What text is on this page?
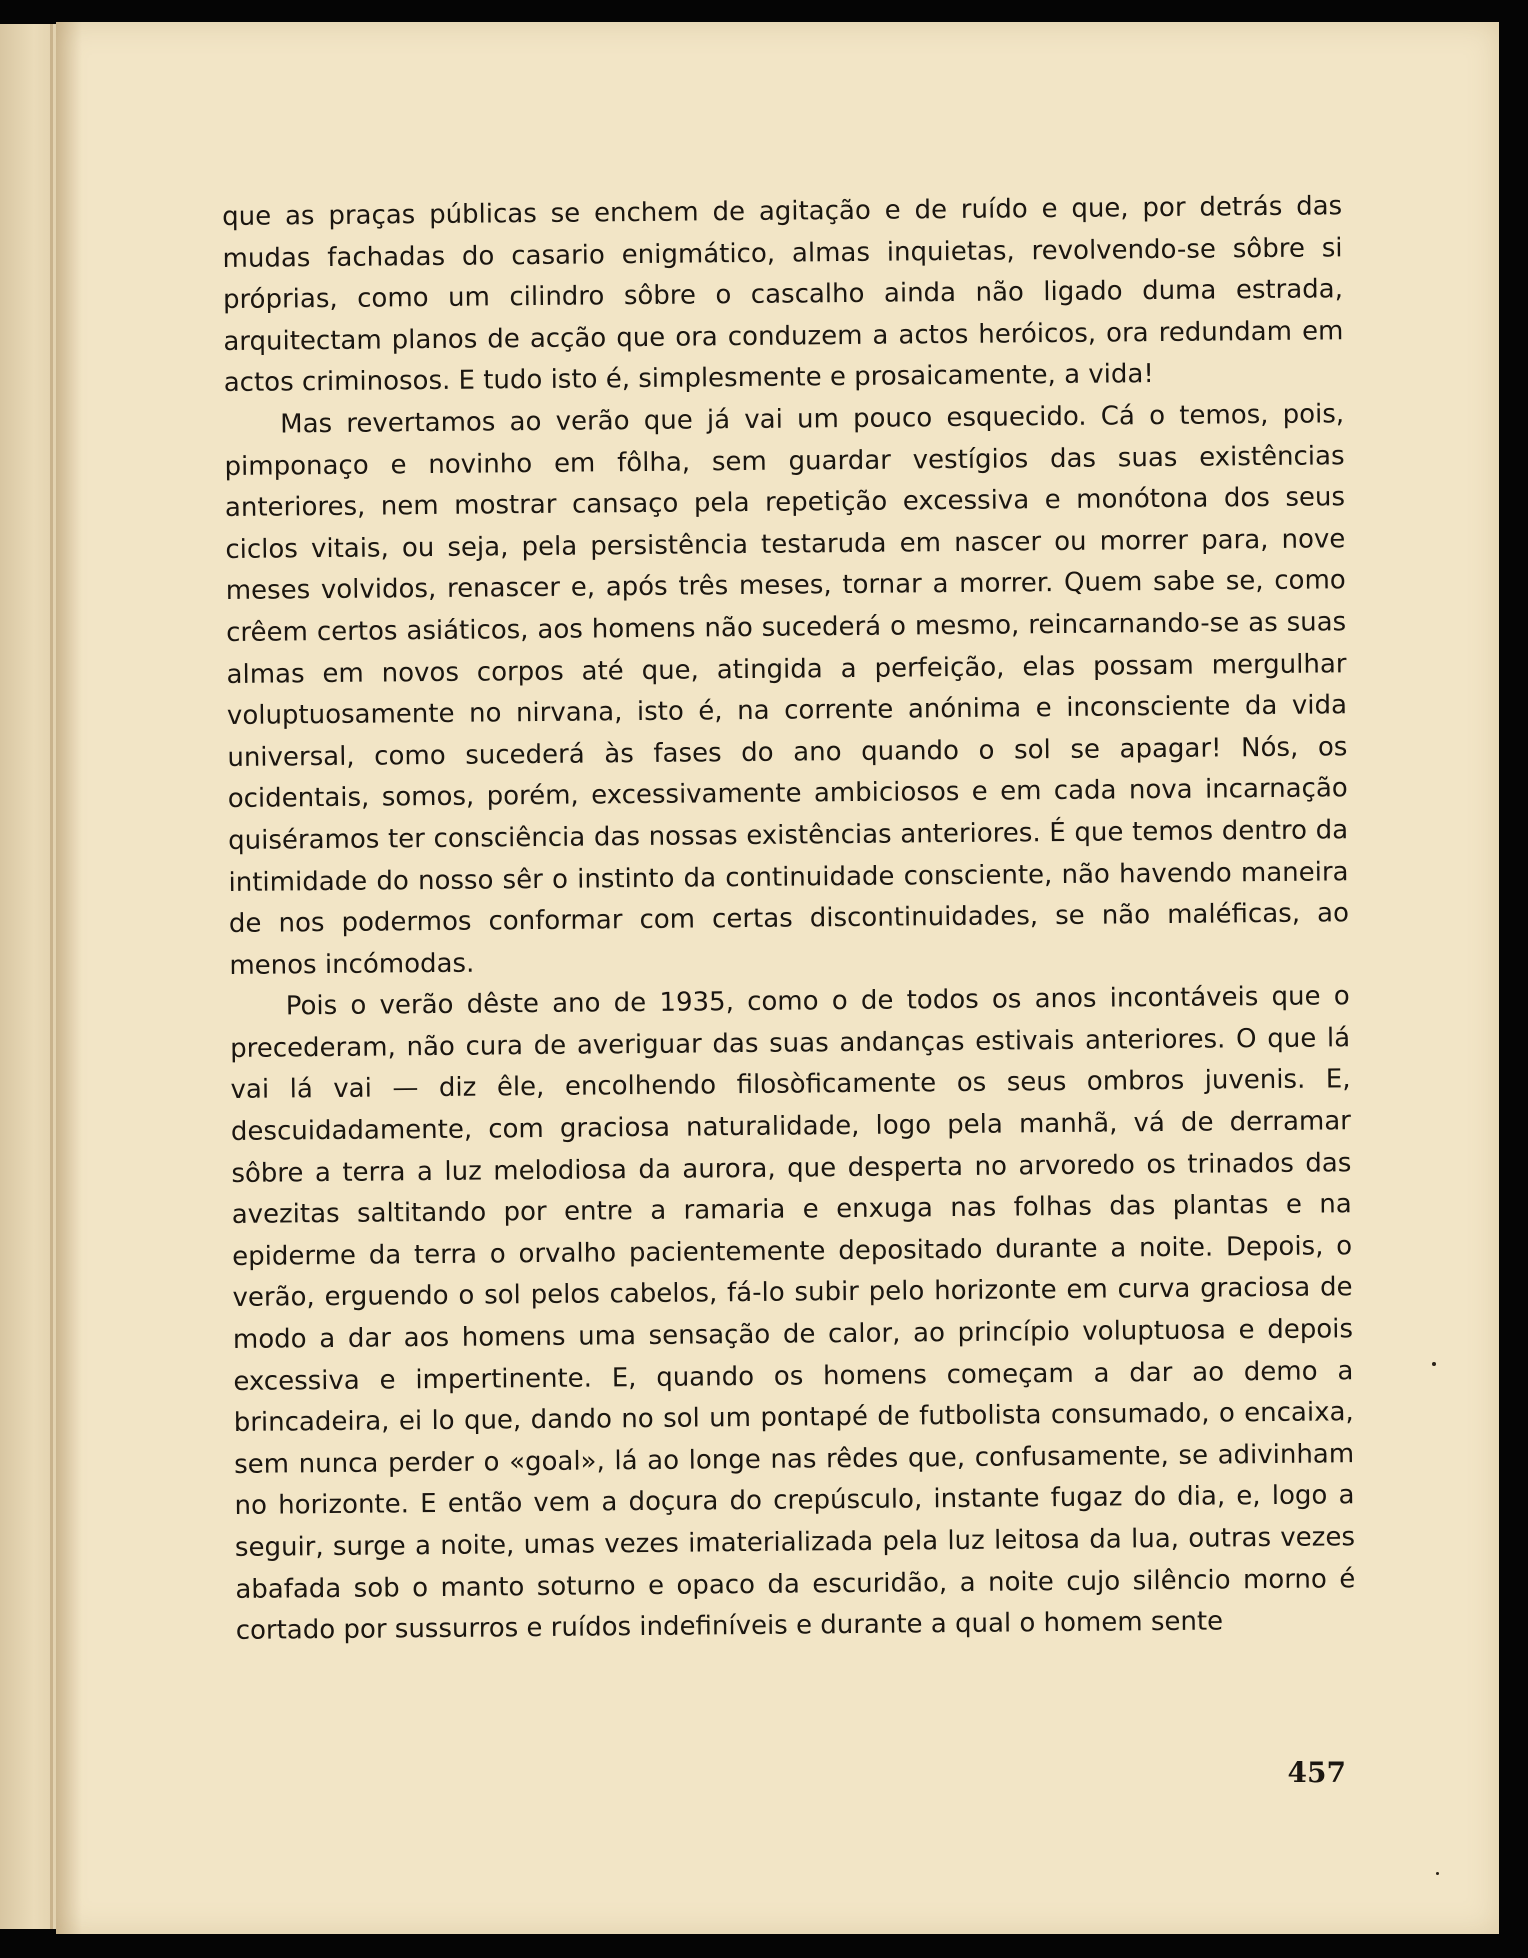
que as praças públicas se enchem de agitação e de ruído e que, por detrás das mudas fachadas do casario enigmático, almas inquietas, revolvendo-se sôbre si próprias, como um cilindro sôbre o cascalho ainda não ligado duma estrada, arquitectam planos de acção que ora conduzem a actos heróicos, ora redundam em actos criminosos. E tudo isto é, simplesmente e prosaicamente, a vida!

Mas revertamos ao verão que já vai um pouco esquecido. Cá o temos, pois, pimponaço e novinho em fôlha, sem guardar vestígios das suas existências anteriores, nem mostrar cansaço pela repetição excessiva e monótona dos seus ciclos vitais, ou seja, pela persistência testaruda em nascer ou morrer para, nove meses volvidos, renascer e, após três meses, tornar a morrer. Quem sabe se, como crêem certos asiáticos, aos homens não sucederá o mesmo, reincarnando-se as suas almas em novos corpos até que, atingida a perfeição, elas possam mergulhar voluptuosamente no nirvana, isto é, na corrente anónima e inconsciente da vida universal, como sucederá às fases do ano quando o sol se apagar! Nós, os ocidentais, somos, porém, excessivamente ambiciosos e em cada nova incarnação quiséramos ter consciência das nossas existências anteriores. É que temos dentro da intimidade do nosso sêr o instinto da continuidade consciente, não havendo maneira de nos podermos conformar com certas discontinuidades, se não maléficas, ao menos incómodas.

Pois o verão dêste ano de 1935, como o de todos os anos incontáveis que o precederam, não cura de averiguar das suas andanças estivais anteriores. O que lá vai lá vai — diz êle, encolhendo filosòficamente os seus ombros juvenis. E, descuidadamente, com graciosa naturalidade, logo pela manhã, vá de derramar sôbre a terra a luz melodiosa da aurora, que desperta no arvoredo os trinados das avezitas saltitando por entre a ramaria e enxuga nas folhas das plantas e na epiderme da terra o orvalho pacientemente depositado durante a noite. Depois, o verão, erguendo o sol pelos cabelos, fá-lo subir pelo horizonte em curva graciosa de modo a dar aos homens uma sensação de calor, ao princípio voluptuosa e depois excessiva e impertinente. E, quando os homens começam a dar ao demo a brincadeira, ei lo que, dando no sol um pontapé de futbolista consumado, o encaixa, sem nunca perder o «goal», lá ao longe nas rêdes que, confusamente, se adivinham no horizonte. E então vem a doçura do crepúsculo, instante fugaz do dia, e, logo a seguir, surge a noite, umas vezes imaterializada pela luz leitosa da lua, outras vezes abafada sob o manto soturno e opaco da escuridão, a noite cujo silêncio morno é cortado por sussurros e ruídos indefiníveis e durante a qual o homem sente

457
